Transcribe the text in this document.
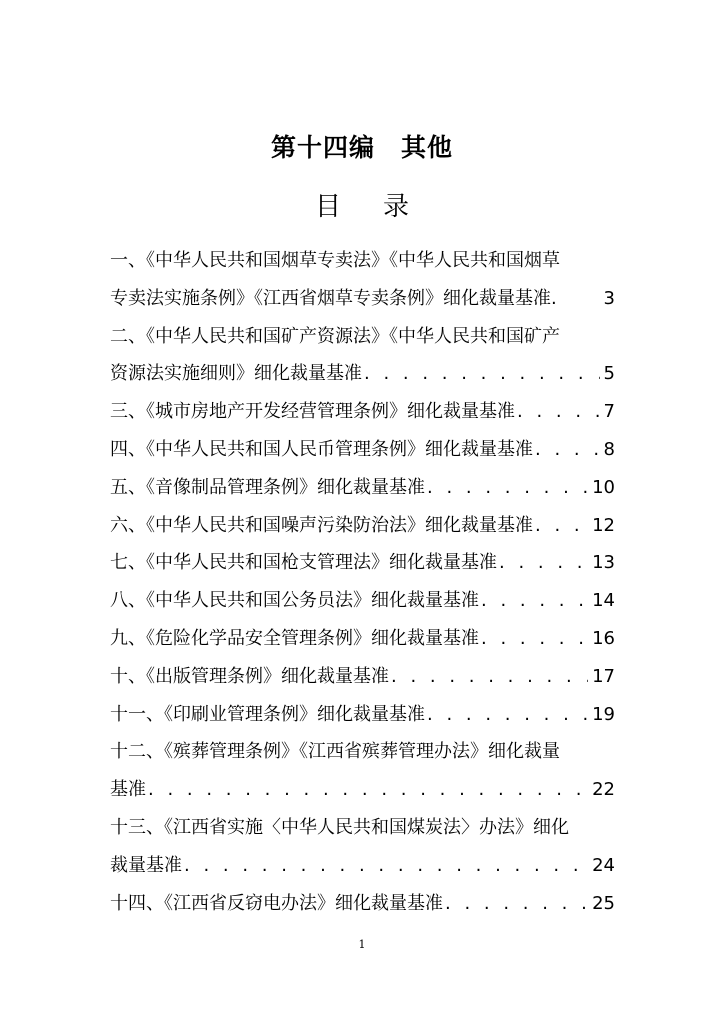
第十四编　其他
目 录
一、《中华人民共和国烟草专卖法》《中华人民共和国烟草
专卖法实施条例》《江西省烟草专卖条例》细化裁量基准 .	3
二、《中华人民共和国矿产资源法》《中华人民共和国矿产
资源法实施细则》细化裁量基准 . . .	5
三、《城市房地产开发经营管理条例》细化裁量基准 . . .	7
四、《中华人民共和国人民币管理条例》细化裁量基准 . . .	8
五、《音像制品管理条例》细化裁量基准 . . .	10
六、《中华人民共和国噪声污染防治法》细化裁量基准 . . .	12
七、《中华人民共和国枪支管理法》细化裁量基准 . . .	13
八、《中华人民共和国公务员法》细化裁量基准 . . .	14
九、《危险化学品安全管理条例》细化裁量基准 . . .	16
十、《出版管理条例》细化裁量基准 . . .	17
十一、《印刷业管理条例》细化裁量基准 . . .	19
十二、《殡葬管理条例》《江西省殡葬管理办法》细化裁量
基准 . . .	22
十三、《江西省实施〈中华人民共和国煤炭法〉办法》细化
裁量基准 . . .	24
十四、《江西省反窃电办法》细化裁量基准 . . .	25
1
